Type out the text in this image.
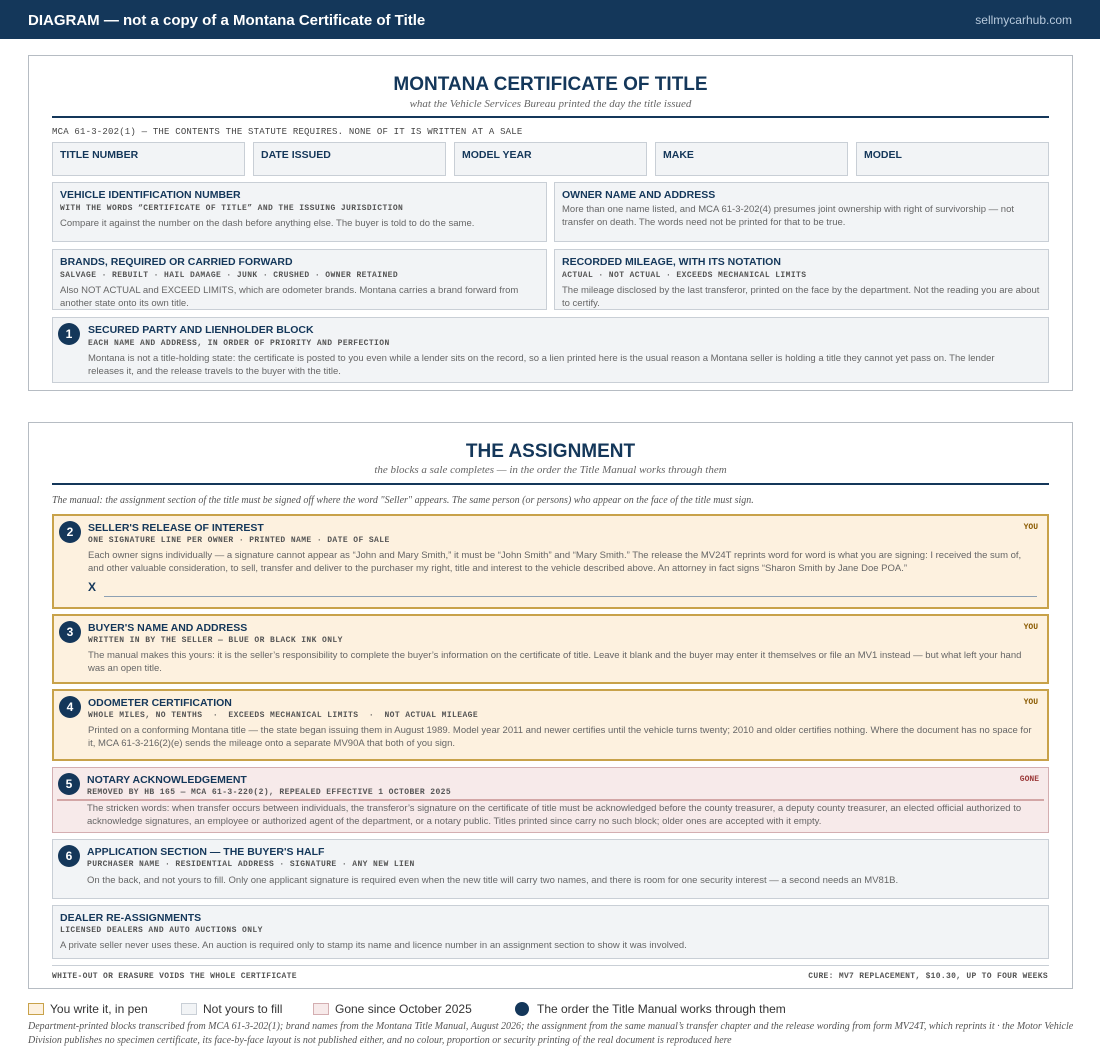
DIAGRAM — not a copy of a Montana Certificate of Title	sellmycarhub.com
MONTANA CERTIFICATE OF TITLE
what the Vehicle Services Bureau printed the day the title issued
MCA 61-3-202(1) — THE CONTENTS THE STATUTE REQUIRES. NONE OF IT IS WRITTEN AT A SALE
TITLE NUMBER	DATE ISSUED	MODEL YEAR	MAKE	MODEL
VEHICLE IDENTIFICATION NUMBER
WITH THE WORDS “CERTIFICATE OF TITLE” AND THE ISSUING JURISDICTION
Compare it against the number on the dash before anything else. The buyer is told to do the same.
OWNER NAME AND ADDRESS
More than one name listed, and MCA 61-3-202(4) presumes joint ownership with right of survivorship — not transfer on death. The words need not be printed for that to be true.
BRANDS, REQUIRED OR CARRIED FORWARD
SALVAGE · REBUILT · HAIL DAMAGE · JUNK · CRUSHED · OWNER RETAINED
Also NOT ACTUAL and EXCEED LIMITS, which are odometer brands. Montana carries a brand forward from another state onto its own title.
RECORDED MILEAGE, WITH ITS NOTATION
ACTUAL · NOT ACTUAL · EXCEEDS MECHANICAL LIMITS
The mileage disclosed by the last transferor, printed on the face by the department. Not the reading you are about to certify.
1	SECURED PARTY AND LIENHOLDER BLOCK
EACH NAME AND ADDRESS, IN ORDER OF PRIORITY AND PERFECTION
Montana is not a title-holding state: the certificate is posted to you even while a lender sits on the record, so a lien printed here is the usual reason a Montana seller is holding a title they cannot yet pass on. The lender releases it, and the release travels to the buyer with the title.
THE ASSIGNMENT
the blocks a sale completes — in the order the Title Manual works through them
The manual: the assignment section of the title must be signed off where the word "Seller" appears. The same person (or persons) who appear on the face of the title must sign.
2	SELLER'S RELEASE OF INTEREST	YOU
ONE SIGNATURE LINE PER OWNER · PRINTED NAME · DATE OF SALE
Each owner signs individually — a signature cannot appear as “John and Mary Smith,” it must be “John Smith” and “Mary Smith.” The release the MV24T reprints word for word is what you are signing: I received the sum of, and other valuable consideration, to sell, transfer and deliver to the purchaser my right, title and interest to the vehicle described above. An attorney in fact signs “Sharon Smith by Jane Doe POA.”
X
3	BUYER'S NAME AND ADDRESS	YOU
WRITTEN IN BY THE SELLER — BLUE OR BLACK INK ONLY
The manual makes this yours: it is the seller’s responsibility to complete the buyer’s information on the certificate of title. Leave it blank and the buyer may enter it themselves or file an MV1 instead — but what left your hand was an open title.
4	ODOMETER CERTIFICATION	YOU
WHOLE MILES, NO TENTHS  ·  EXCEEDS MECHANICAL LIMITS  ·  NOT ACTUAL MILEAGE
Printed on a conforming Montana title — the state began issuing them in August 1989. Model year 2011 and newer certifies until the vehicle turns twenty; 2010 and older certifies nothing. Where the document has no space for it, MCA 61-3-216(2)(e) sends the mileage onto a separate MV90A that both of you sign.
5	NOTARY ACKNOWLEDGEMENT	GONE
REMOVED BY HB 165 — MCA 61-3-220(2), REPEALED EFFECTIVE 1 OCTOBER 2025
The stricken words: when transfer occurs between individuals, the transferor’s signature on the certificate of title must be acknowledged before the county treasurer, a deputy county treasurer, an elected official authorized to acknowledge signatures, an employee or authorized agent of the department, or a notary public. Titles printed since carry no such block; older ones are accepted with it empty.
6	APPLICATION SECTION — THE BUYER'S HALF
PURCHASER NAME · RESIDENTIAL ADDRESS · SIGNATURE · ANY NEW LIEN
On the back, and not yours to fill. Only one applicant signature is required even when the new title will carry two names, and there is room for one security interest — a second needs an MV81B.
DEALER RE-ASSIGNMENTS
LICENSED DEALERS AND AUTO AUCTIONS ONLY
A private seller never uses these. An auction is required only to stamp its name and licence number in an assignment section to show it was involved.
WHITE-OUT OR ERASURE VOIDS THE WHOLE CERTIFICATE	CURE: MV7 REPLACEMENT, $10.30, UP TO FOUR WEEKS
You write it, in pen	Not yours to fill	Gone since October 2025	The order the Title Manual works through them
Department-printed blocks transcribed from MCA 61-3-202(1); brand names from the Montana Title Manual, August 2026; the assignment from the same manual’s transfer chapter and the release wording from form MV24T, which reprints it · the Motor Vehicle Division publishes no specimen certificate, its face-by-face layout is not published either, and no colour, proportion or security printing of the real document is reproduced here
